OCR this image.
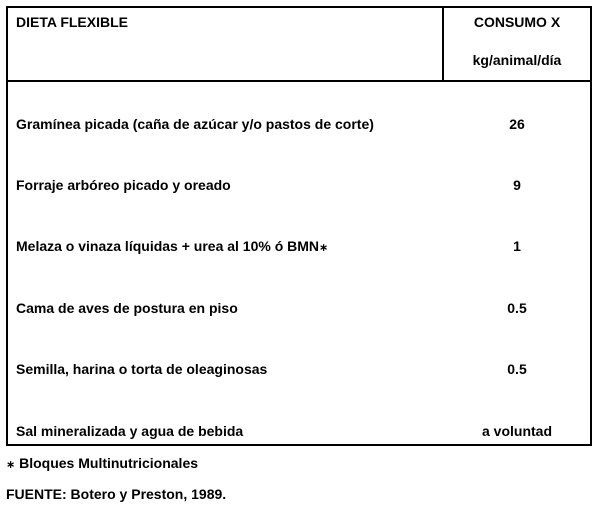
DIETA FLEXIBLE	CONSUMO X
kg/animal/día
Gramínea picada (caña de azúcar y/o pastos de corte)	26
Forraje arbóreo picado y oreado	9
Melaza o vinaza líquidas + urea al 10% ó BMN∗	1
Cama de aves de postura en piso	0.5
Semilla, harina o torta de oleaginosas	0.5
Sal mineralizada y agua de bebida	a voluntad
∗ Bloques Multinutricionales
FUENTE: Botero y Preston, 1989.
